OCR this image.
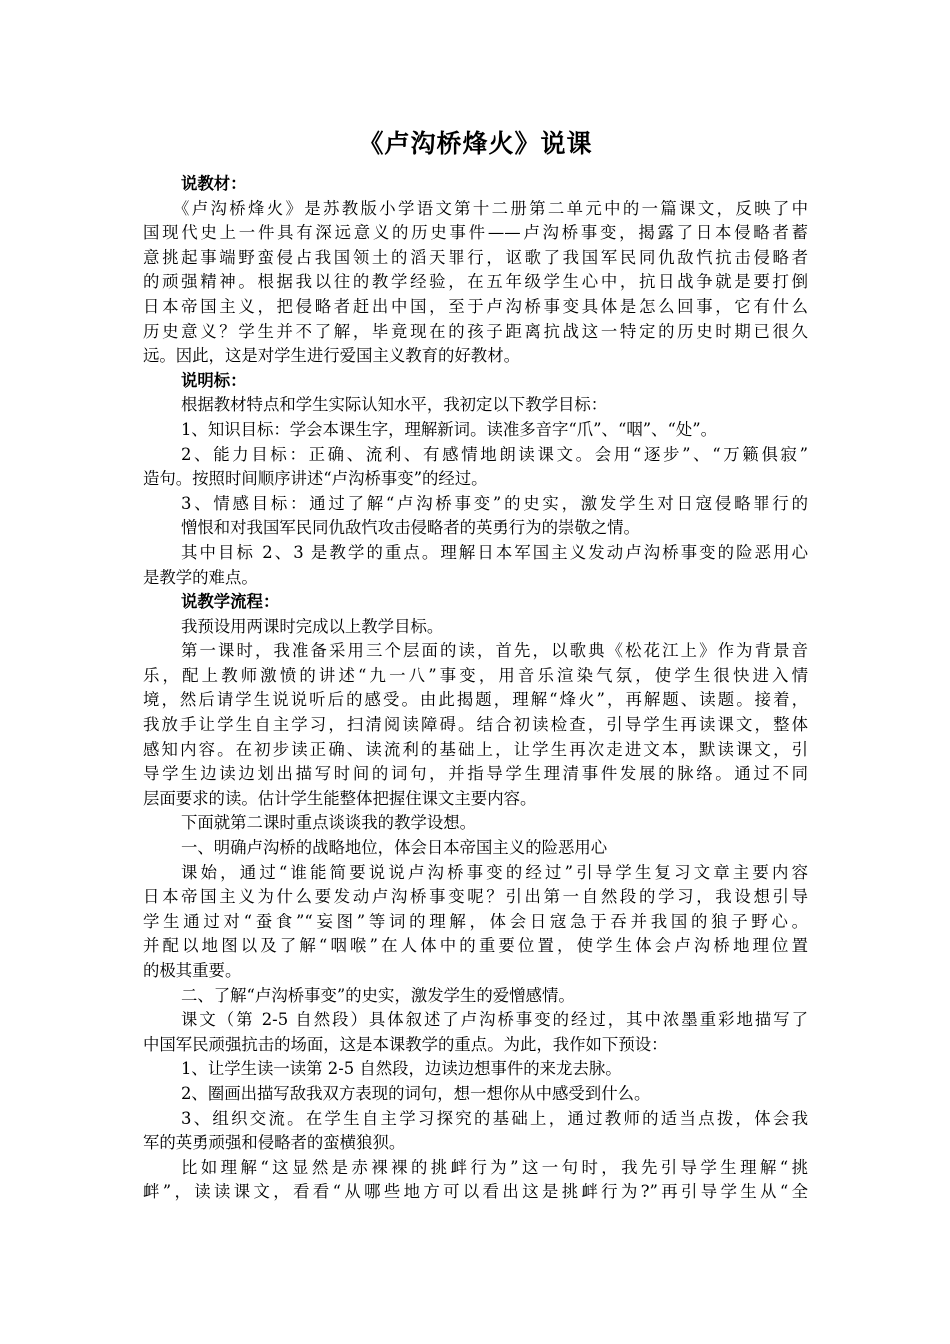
《卢沟桥烽火》说课
说教材：
《卢沟桥烽火》是苏教版小学语文第十二册第二单元中的一篇课文，反映了中
国现代史上一件具有深远意义的历史事件——卢沟桥事变，揭露了日本侵略者蓄
意挑起事端野蛮侵占我国领土的滔天罪行，讴歌了我国军民同仇敌忾抗击侵略者
的顽强精神。根据我以往的教学经验，在五年级学生心中，抗日战争就是要打倒
日本帝国主义，把侵略者赶出中国，至于卢沟桥事变具体是怎么回事，它有什么
历史意义？学生并不了解，毕竟现在的孩子距离抗战这一特定的历史时期已很久
远。因此，这是对学生进行爱国主义教育的好教材。
说明标：
根据教材特点和学生实际认知水平，我初定以下教学目标：
1、知识目标：学会本课生字，理解新词。读准多音字“爪”、“咽”、“处”。
2、能力目标：正确、流利、有感情地朗读课文。会用“逐步”、“万籁俱寂”
造句。按照时间顺序讲述“卢沟桥事变”的经过。
3、情感目标：通过了解“卢沟桥事变”的史实，激发学生对日寇侵略罪行的
憎恨和对我国军民同仇敌忾攻击侵略者的英勇行为的崇敬之情。
其中目标 2、3 是教学的重点。理解日本军国主义发动卢沟桥事变的险恶用心
是教学的难点。
说教学流程：
我预设用两课时完成以上教学目标。
第一课时，我准备采用三个层面的读，首先，以歌典《松花江上》作为背景音
乐，配上教师激愤的讲述“九一八”事变，用音乐渲染气氛，使学生很快进入情
境，然后请学生说说听后的感受。由此揭题，理解“烽火”，再解题、读题。接着，
我放手让学生自主学习，扫清阅读障碍。结合初读检查，引导学生再读课文，整体
感知内容。在初步读正确、读流利的基础上，让学生再次走进文本，默读课文，引
导学生边读边划出描写时间的词句，并指导学生理清事件发展的脉络。通过不同
层面要求的读。估计学生能整体把握住课文主要内容。
下面就第二课时重点谈谈我的教学设想。
一、明确卢沟桥的战略地位，体会日本帝国主义的险恶用心
课始，通过“谁能简要说说卢沟桥事变的经过”引导学生复习文章主要内容
日本帝国主义为什么要发动卢沟桥事变呢？引出第一自然段的学习，我设想引导
学生通过对“蚕食”“妄图”等词的理解，体会日寇急于吞并我国的狼子野心。
并配以地图以及了解“咽喉”在人体中的重要位置，使学生体会卢沟桥地理位置
的极其重要。
二、了解“卢沟桥事变”的史实，激发学生的爱憎感情。
课文（第 2-5 自然段）具体叙述了卢沟桥事变的经过，其中浓墨重彩地描写了
中国军民顽强抗击的场面，这是本课教学的重点。为此，我作如下预设：
1、让学生读一读第 2-5 自然段，边读边想事件的来龙去脉。
2、圈画出描写敌我双方表现的词句，想一想你从中感受到什么。
3、组织交流。在学生自主学习探究的基础上，通过教师的适当点拨，体会我
军的英勇顽强和侵略者的蛮横狼狈。
比如理解“这显然是赤裸裸的挑衅行为”这一句时，我先引导学生理解“挑
衅”，读读课文，看看“从哪些地方可以看出这是挑衅行为?”再引导学生从“全
